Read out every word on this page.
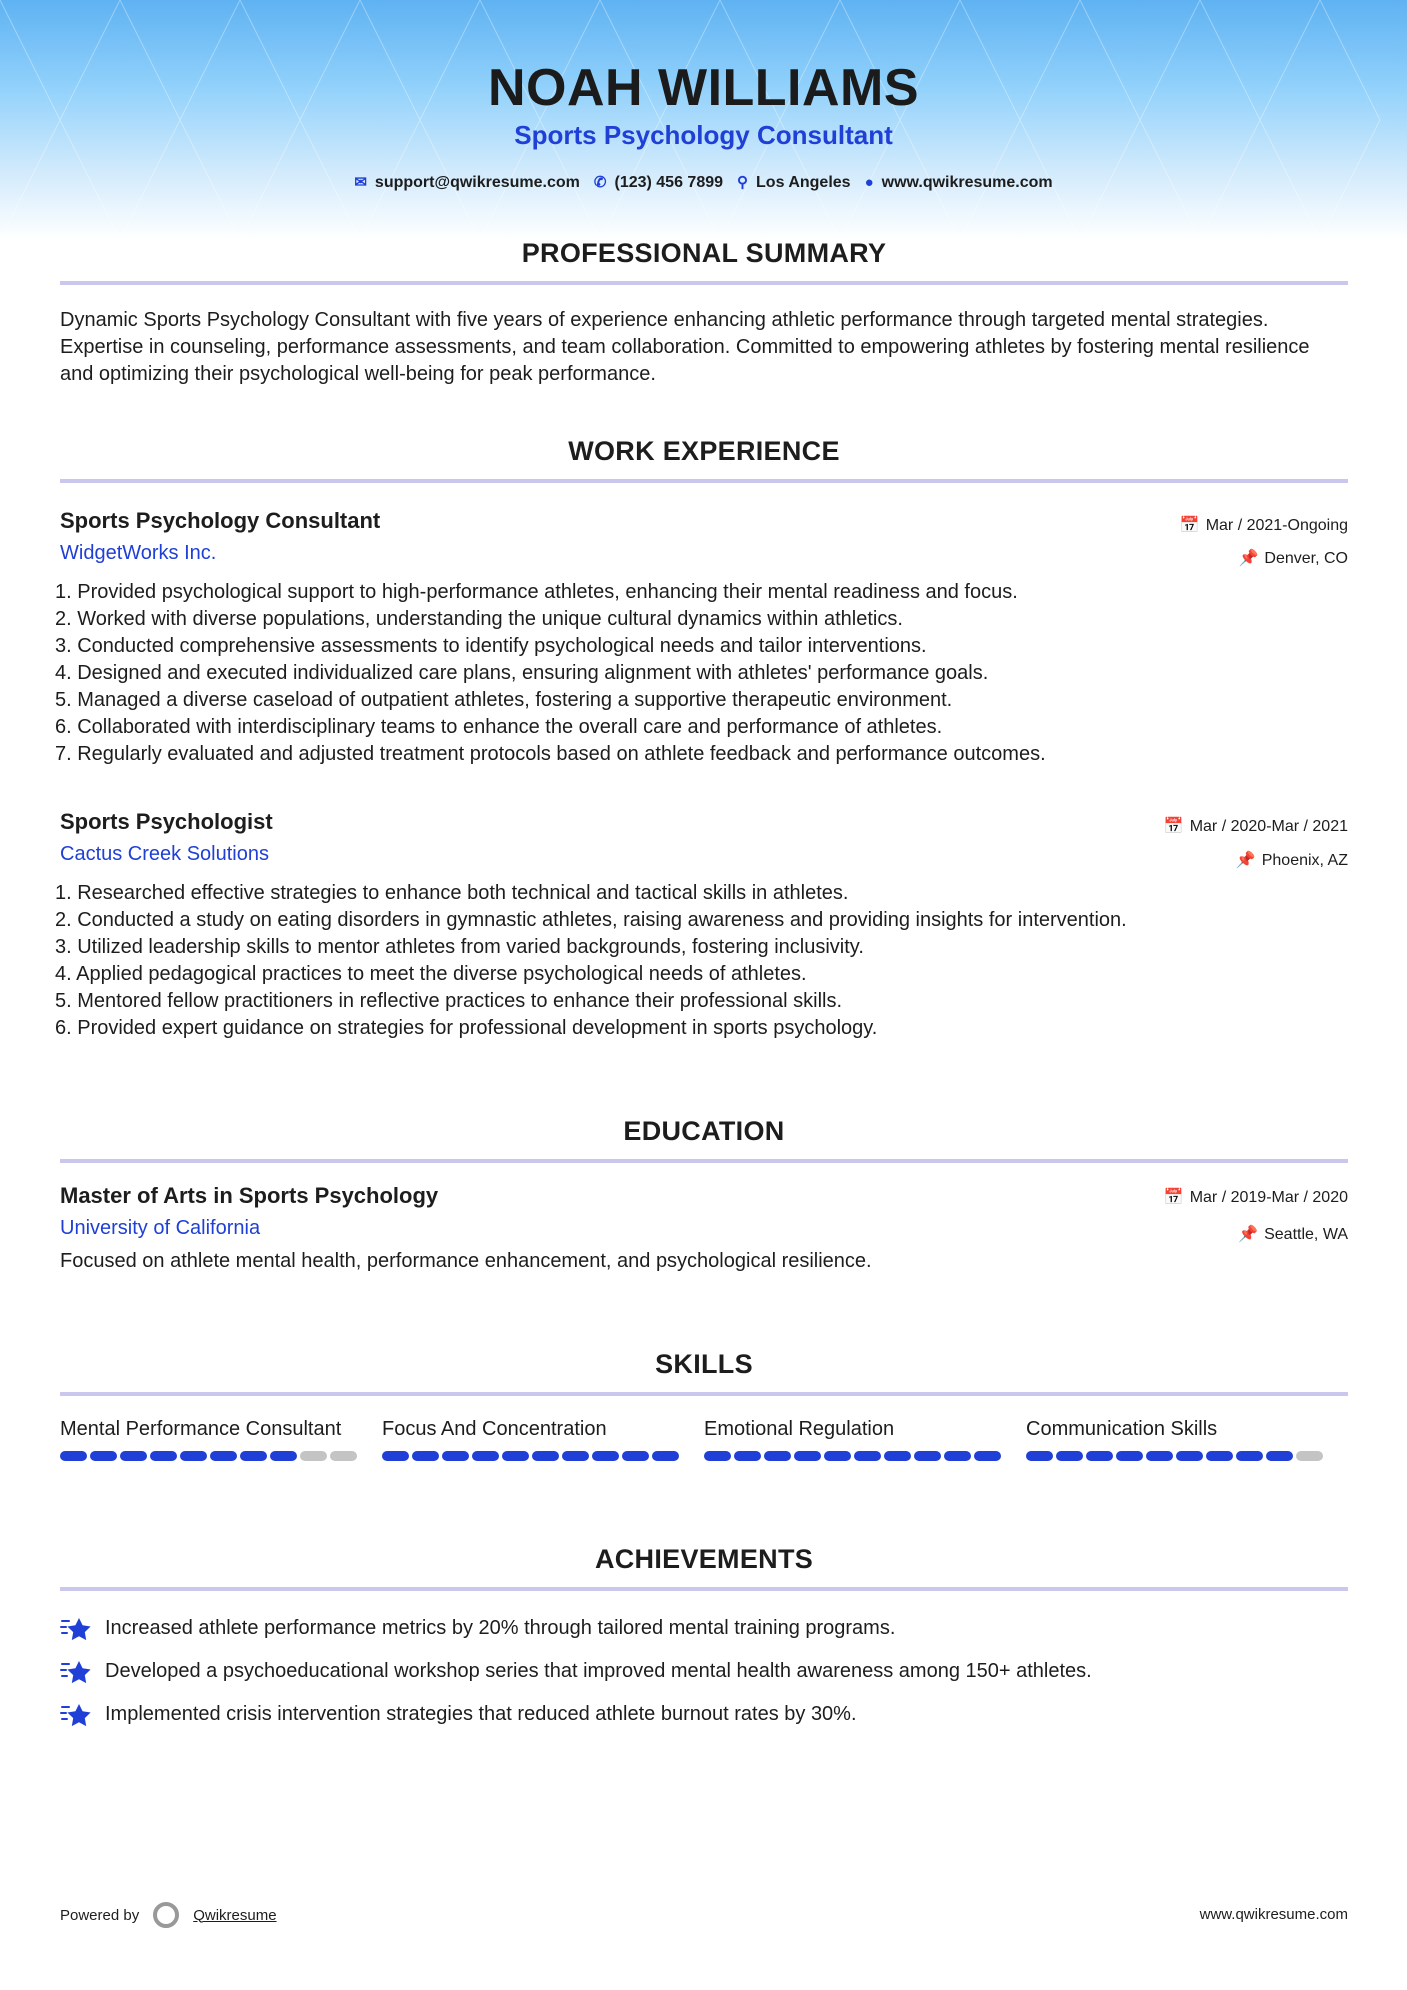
NOAH WILLIAMS
Sports Psychology Consultant
✉ support@qwikresume.com ✆ (123) 456 7899 ⚲ Los Angeles ● www.qwikresume.com
PROFESSIONAL SUMMARY

Dynamic Sports Psychology Consultant with five years of experience enhancing athletic performance through targeted mental strategies. Expertise in counseling, performance assessments, and team collaboration. Committed to empowering athletes by fostering mental resilience and optimizing their psychological well-being for peak performance.

WORK EXPERIENCE
Sports Psychology Consultant	📅 Mar / 2021-Ongoing
WidgetWorks Inc.	📌 Denver, CO
1. Provided psychological support to high-performance athletes, enhancing their mental readiness and focus.
2. Worked with diverse populations, understanding the unique cultural dynamics within athletics.
3. Conducted comprehensive assessments to identify psychological needs and tailor interventions.
4. Designed and executed individualized care plans, ensuring alignment with athletes' performance goals.
5. Managed a diverse caseload of outpatient athletes, fostering a supportive therapeutic environment.
6. Collaborated with interdisciplinary teams to enhance the overall care and performance of athletes.
7. Regularly evaluated and adjusted treatment protocols based on athlete feedback and performance outcomes.
Sports Psychologist	📅 Mar / 2020-Mar / 2021
Cactus Creek Solutions	📌 Phoenix, AZ
1. Researched effective strategies to enhance both technical and tactical skills in athletes.
2. Conducted a study on eating disorders in gymnastic athletes, raising awareness and providing insights for intervention.
3. Utilized leadership skills to mentor athletes from varied backgrounds, fostering inclusivity.
4. Applied pedagogical practices to meet the diverse psychological needs of athletes.
5. Mentored fellow practitioners in reflective practices to enhance their professional skills.
6. Provided expert guidance on strategies for professional development in sports psychology.
EDUCATION
Master of Arts in Sports Psychology	📅 Mar / 2019-Mar / 2020
University of California	📌 Seattle, WA

Focused on athlete mental health, performance enhancement, and psychological resilience.

SKILLS
Mental Performance Consultant	Focus And Concentration	Emotional Regulation	Communication Skills
ACHIEVEMENTS
Increased athlete performance metrics by 20% through tailored mental training programs.
Developed a psychoeducational workshop series that improved mental health awareness among 150+ athletes.
Implemented crisis intervention strategies that reduced athlete burnout rates by 30%.
Powered by	Qwikresume	www.qwikresume.com
